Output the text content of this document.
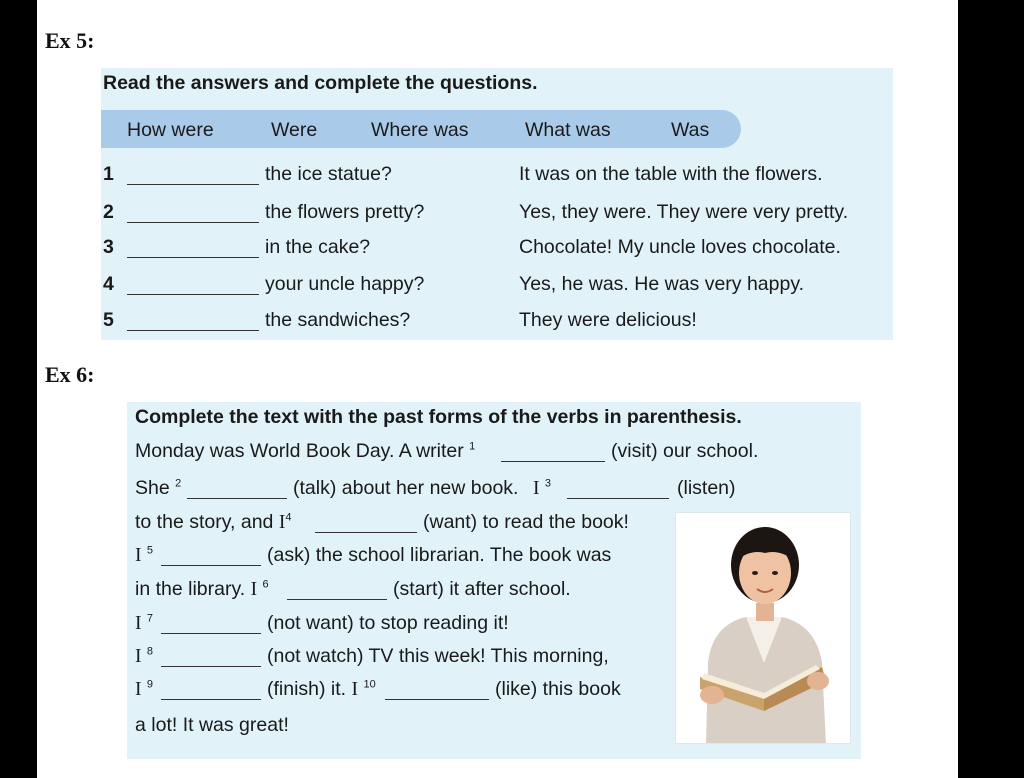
Ex 5:
Read the answers and complete the questions.
How were	Were	Where was	What was	Was
1	the ice statue?	It was on the table with the flowers.
2	the flowers pretty?	Yes, they were. They were very pretty.
3	in the cake?	Chocolate! My uncle loves chocolate.
4	your uncle happy?	Yes, he was. He was very happy.
5	the sandwiches?	They were delicious!
Ex 6:
Complete the text with the past forms of the verbs in parenthesis.
Monday was World Book Day. A writer $^1$	(visit) our school.
She $^2$	(talk) about her new book. I $^3$	(listen)
to the story, and $I^4$	(want) to read the book!
I $^5$	(ask) the school librarian. The book was
in the library. I $^6$	(start) it after school.
I $^7$	(not want) to stop reading it!
I $^8$	(not watch) TV this week! This morning,
I $^9$	(finish) it. I $^{10}$	(like) this book
a lot! It was great!
